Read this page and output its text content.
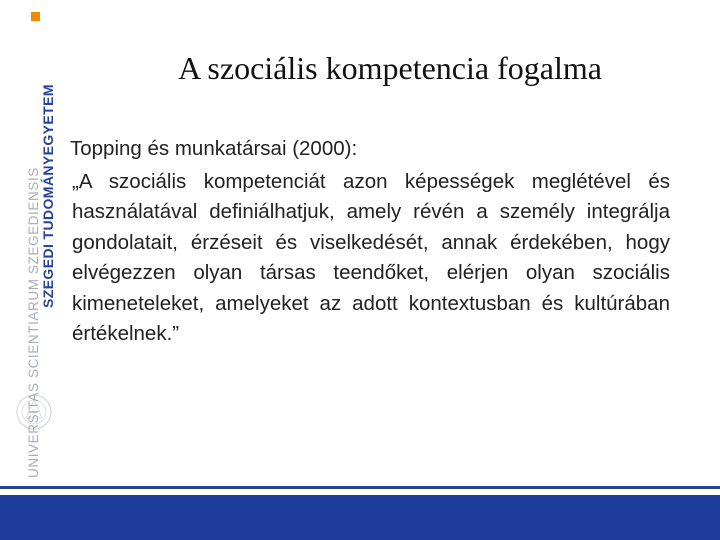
UNIVERSITAS SCIENTIARUM SZEGEDIENSIS SZEGEDI TUDOMÁNYEGYETEM
A szociális kompetencia fogalma

Topping és munkatársai (2000):

„A szociális kompetenciát azon képességek meglétével és használatával definiálhatjuk, amely révén a személy integrálja gondolatait, érzéseit és viselkedését, annak érdekében, hogy elvégezzen olyan társas teendőket, elérjen olyan szociális kimeneteleket, amelyeket az adott kontextusban és kultúrában értékelnek.”
